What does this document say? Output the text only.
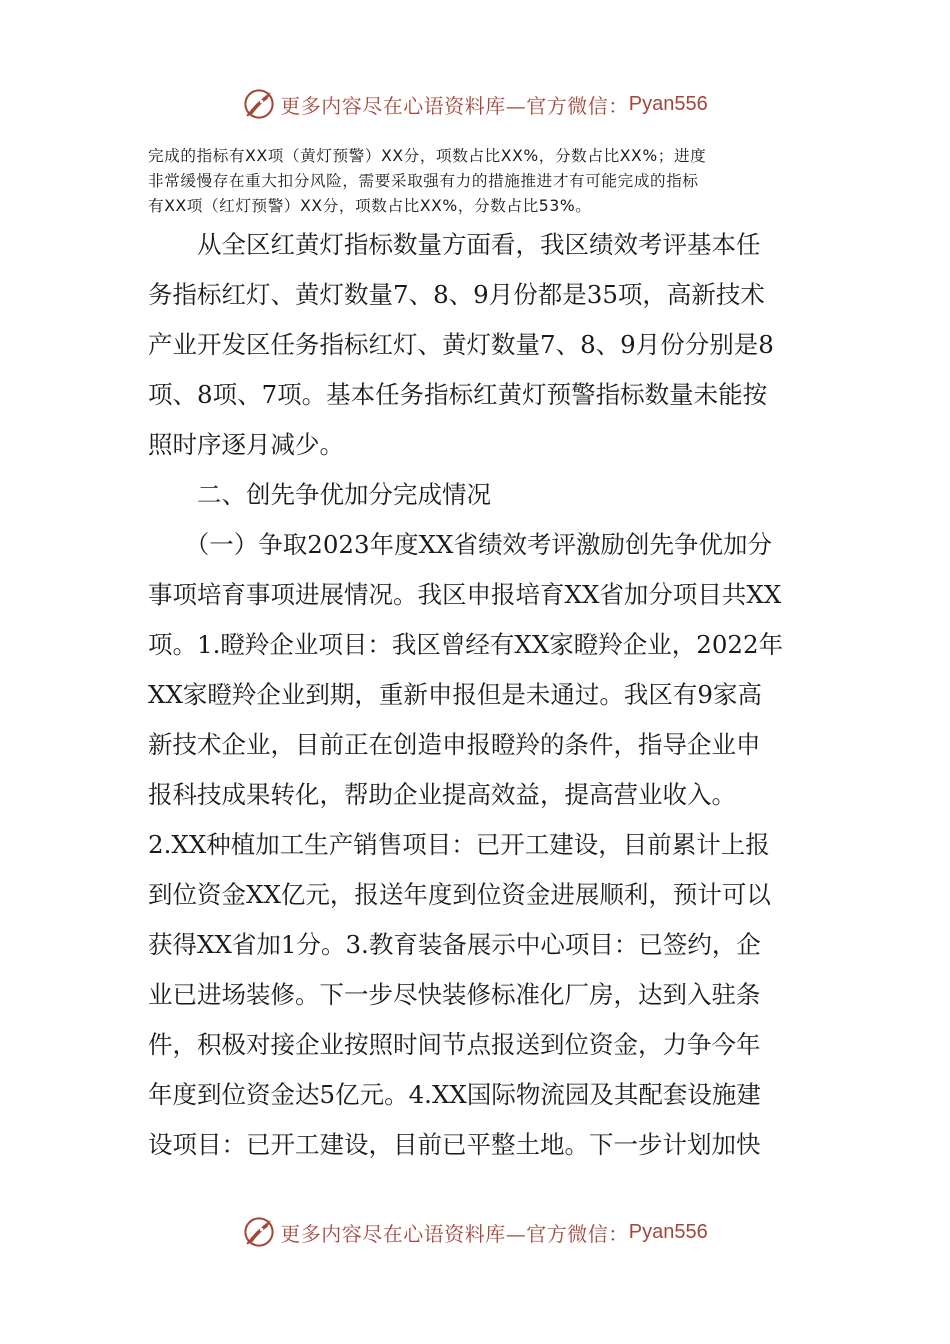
更多内容尽在心语资料库—官方微信： Pyan556

完成的指标有XX项（黄灯预警）XX分，项数占比XX%，分数占比XX%；进度
非常缓慢存在重大扣分风险，需要采取强有力的措施推进才有可能完成的指标
有XX项（红灯预警）XX分，项数占比XX%，分数占比53%。

　　从全区红黄灯指标数量方面看，我区绩效考评基本任
务指标红灯、黄灯数量7、8、9月份都是35项，高新技术
产业开发区任务指标红灯、黄灯数量7、8、9月份分别是8
项、8项、7项。基本任务指标红黄灯预警指标数量未能按
照时序逐月减少。
　　二、创先争优加分完成情况
　　（一）争取2023年度XX省绩效考评激励创先争优加分
事项培育事项进展情况。我区申报培育XX省加分项目共XX
项。1.瞪羚企业项目：我区曾经有XX家瞪羚企业，2022年
XX家瞪羚企业到期，重新申报但是未通过。我区有9家高
新技术企业，目前正在创造申报瞪羚的条件，指导企业申
报科技成果转化，帮助企业提高效益，提高营业收入。
2.XX种植加工生产销售项目：已开工建设，目前累计上报
到位资金XX亿元，报送年度到位资金进展顺利，预计可以
获得XX省加1分。3.教育装备展示中心项目：已签约，企
业已进场装修。下一步尽快装修标准化厂房，达到入驻条
件，积极对接企业按照时间节点报送到位资金，力争今年
年度到位资金达5亿元。4.XX国际物流园及其配套设施建
设项目：已开工建设，目前已平整土地。下一步计划加快
更多内容尽在心语资料库—官方微信： Pyan556
